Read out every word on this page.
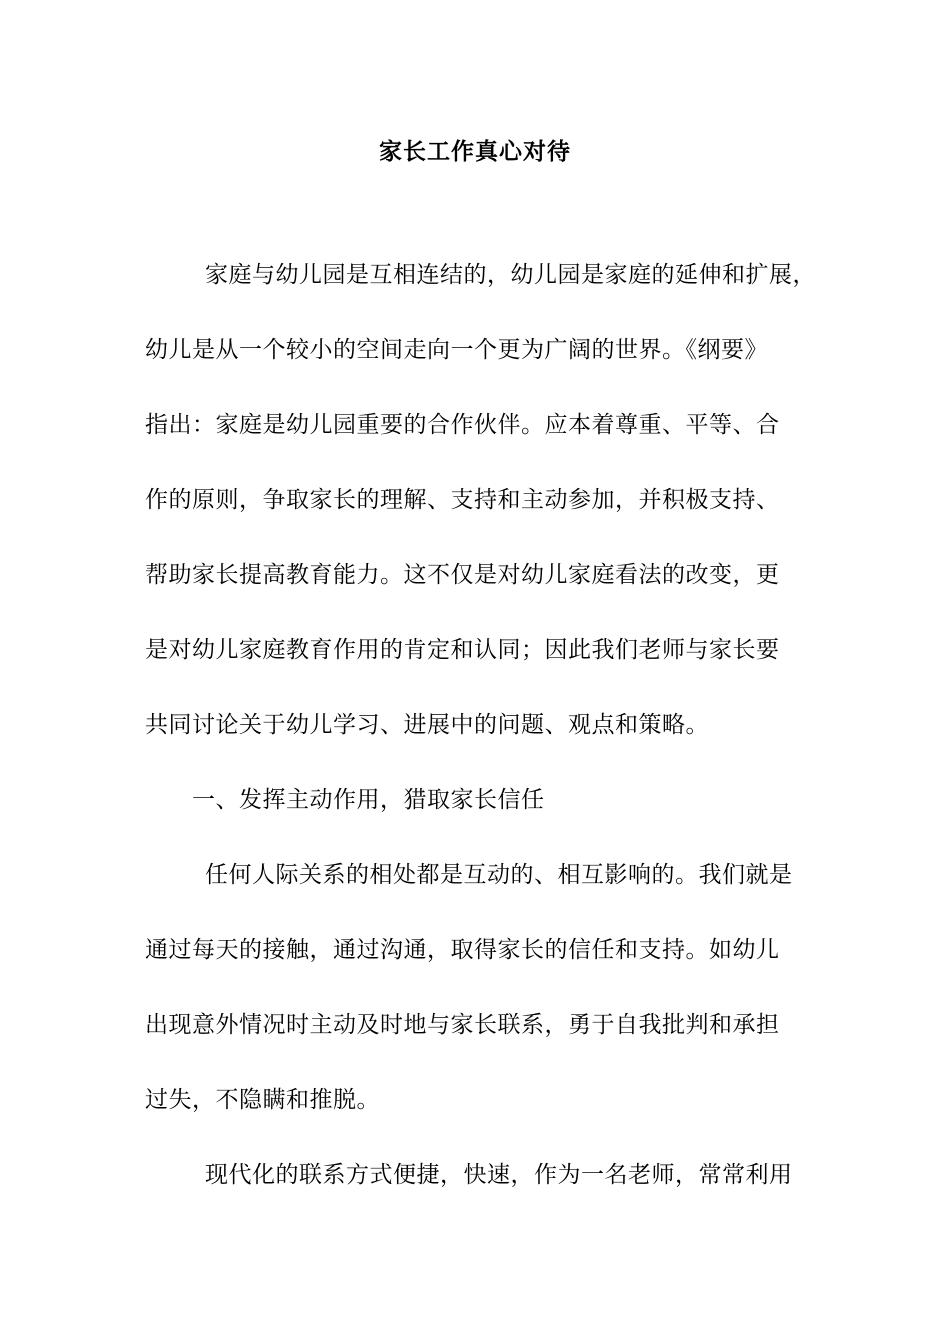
家长工作真心对待
家庭与幼儿园是互相连结的，幼儿园是家庭的延伸和扩展，
幼儿是从一个较小的空间走向一个更为广阔的世界。《纲要》
指出：家庭是幼儿园重要的合作伙伴。应本着尊重、平等、合
作的原则，争取家长的理解、支持和主动参加，并积极支持、
帮助家长提高教育能力。这不仅是对幼儿家庭看法的改变，更
是对幼儿家庭教育作用的肯定和认同；因此我们老师与家长要
共同讨论关于幼儿学习、进展中的问题、观点和策略。
一、发挥主动作用，猎取家长信任
任何人际关系的相处都是互动的、相互影响的。我们就是
通过每天的接触，通过沟通，取得家长的信任和支持。如幼儿
出现意外情况时主动及时地与家长联系，勇于自我批判和承担
过失，不隐瞒和推脱。
现代化的联系方式便捷，快速，作为一名老师，常常利用
